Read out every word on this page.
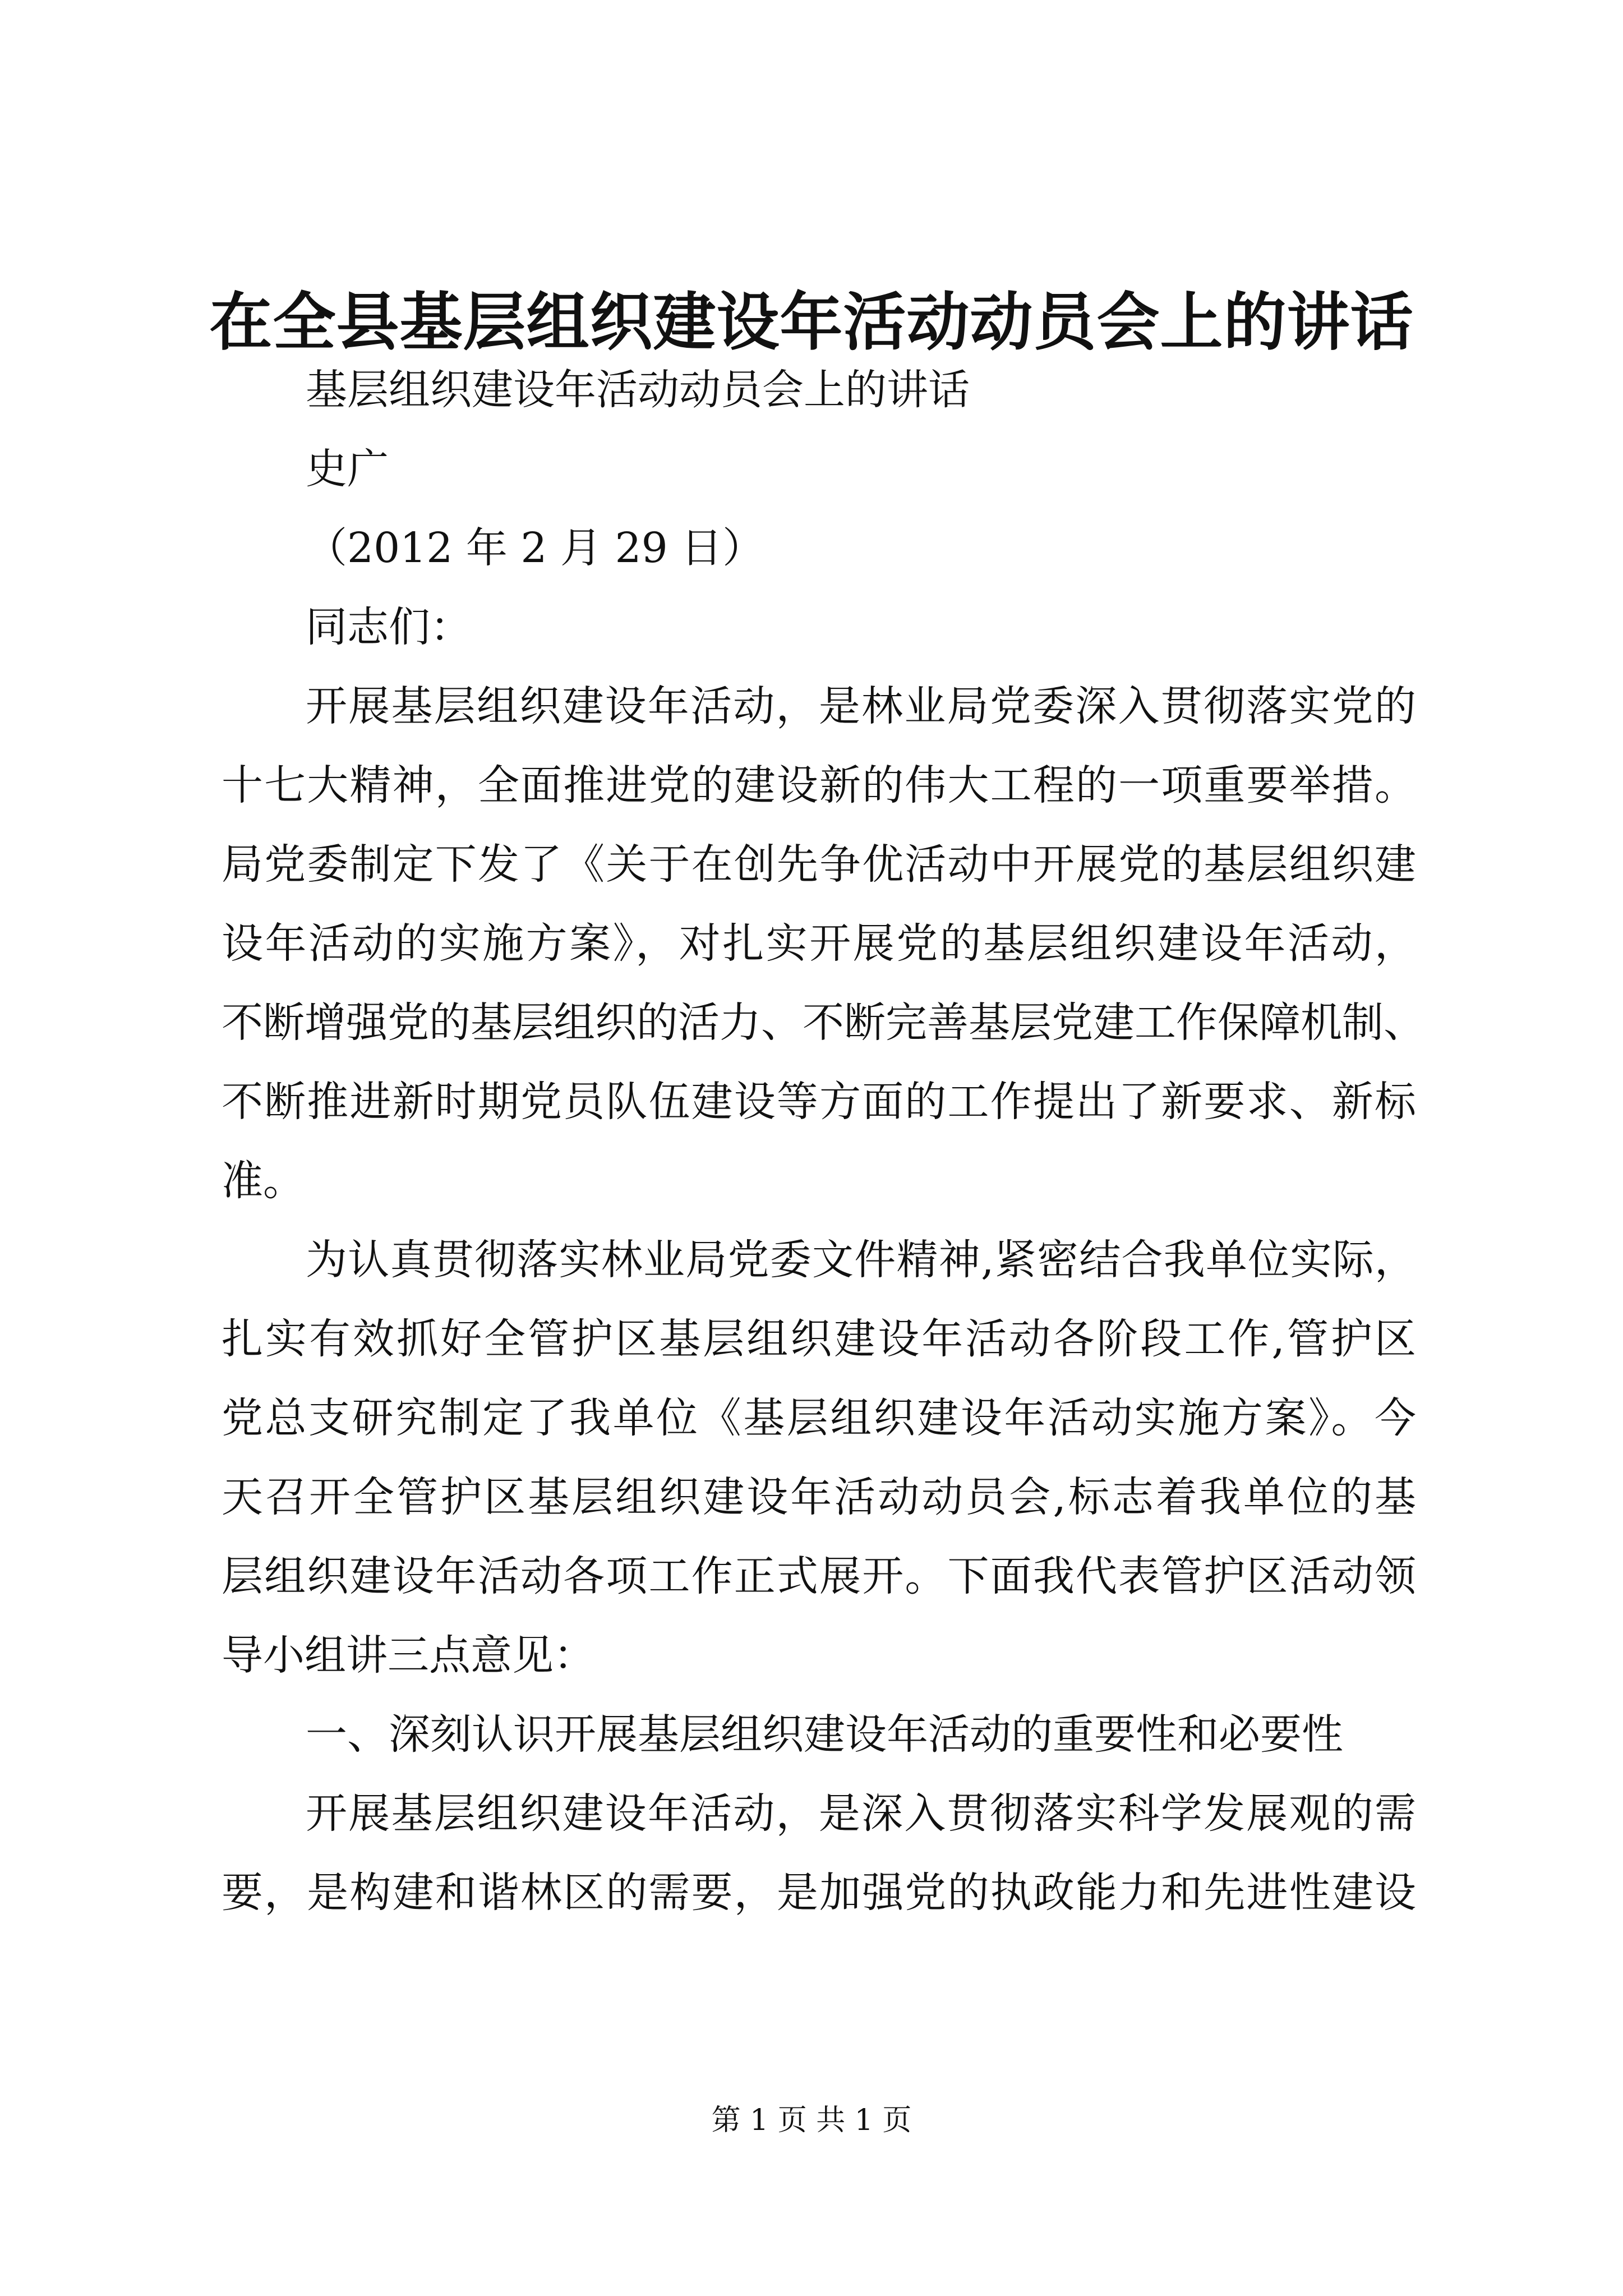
在全县基层组织建设年活动动员会上的讲话
基层组织建设年活动动员会上的讲话
史广
（2012 年 2 月 29 日）
同志们：
开展基层组织建设年活动，是林业局党委深入贯彻落实党的
十七大精神，全面推进党的建设新的伟大工程的一项重要举措。
局党委制定下发了《关于在创先争优活动中开展党的基层组织建
设年活动的实施方案》，对扎实开展党的基层组织建设年活动，
不断增强党的基层组织的活力、不断完善基层党建工作保障机制、
不断推进新时期党员队伍建设等方面的工作提出了新要求、新标
准。
为认真贯彻落实林业局党委文件精神,紧密结合我单位实际，
扎实有效抓好全管护区基层组织建设年活动各阶段工作,管护区
党总支研究制定了我单位《基层组织建设年活动实施方案》。今
天召开全管护区基层组织建设年活动动员会,标志着我单位的基
层组织建设年活动各项工作正式展开。下面我代表管护区活动领
导小组讲三点意见：
一、深刻认识开展基层组织建设年活动的重要性和必要性
开展基层组织建设年活动，是深入贯彻落实科学发展观的需
要，是构建和谐林区的需要，是加强党的执政能力和先进性建设
第 1 页 共 1 页
